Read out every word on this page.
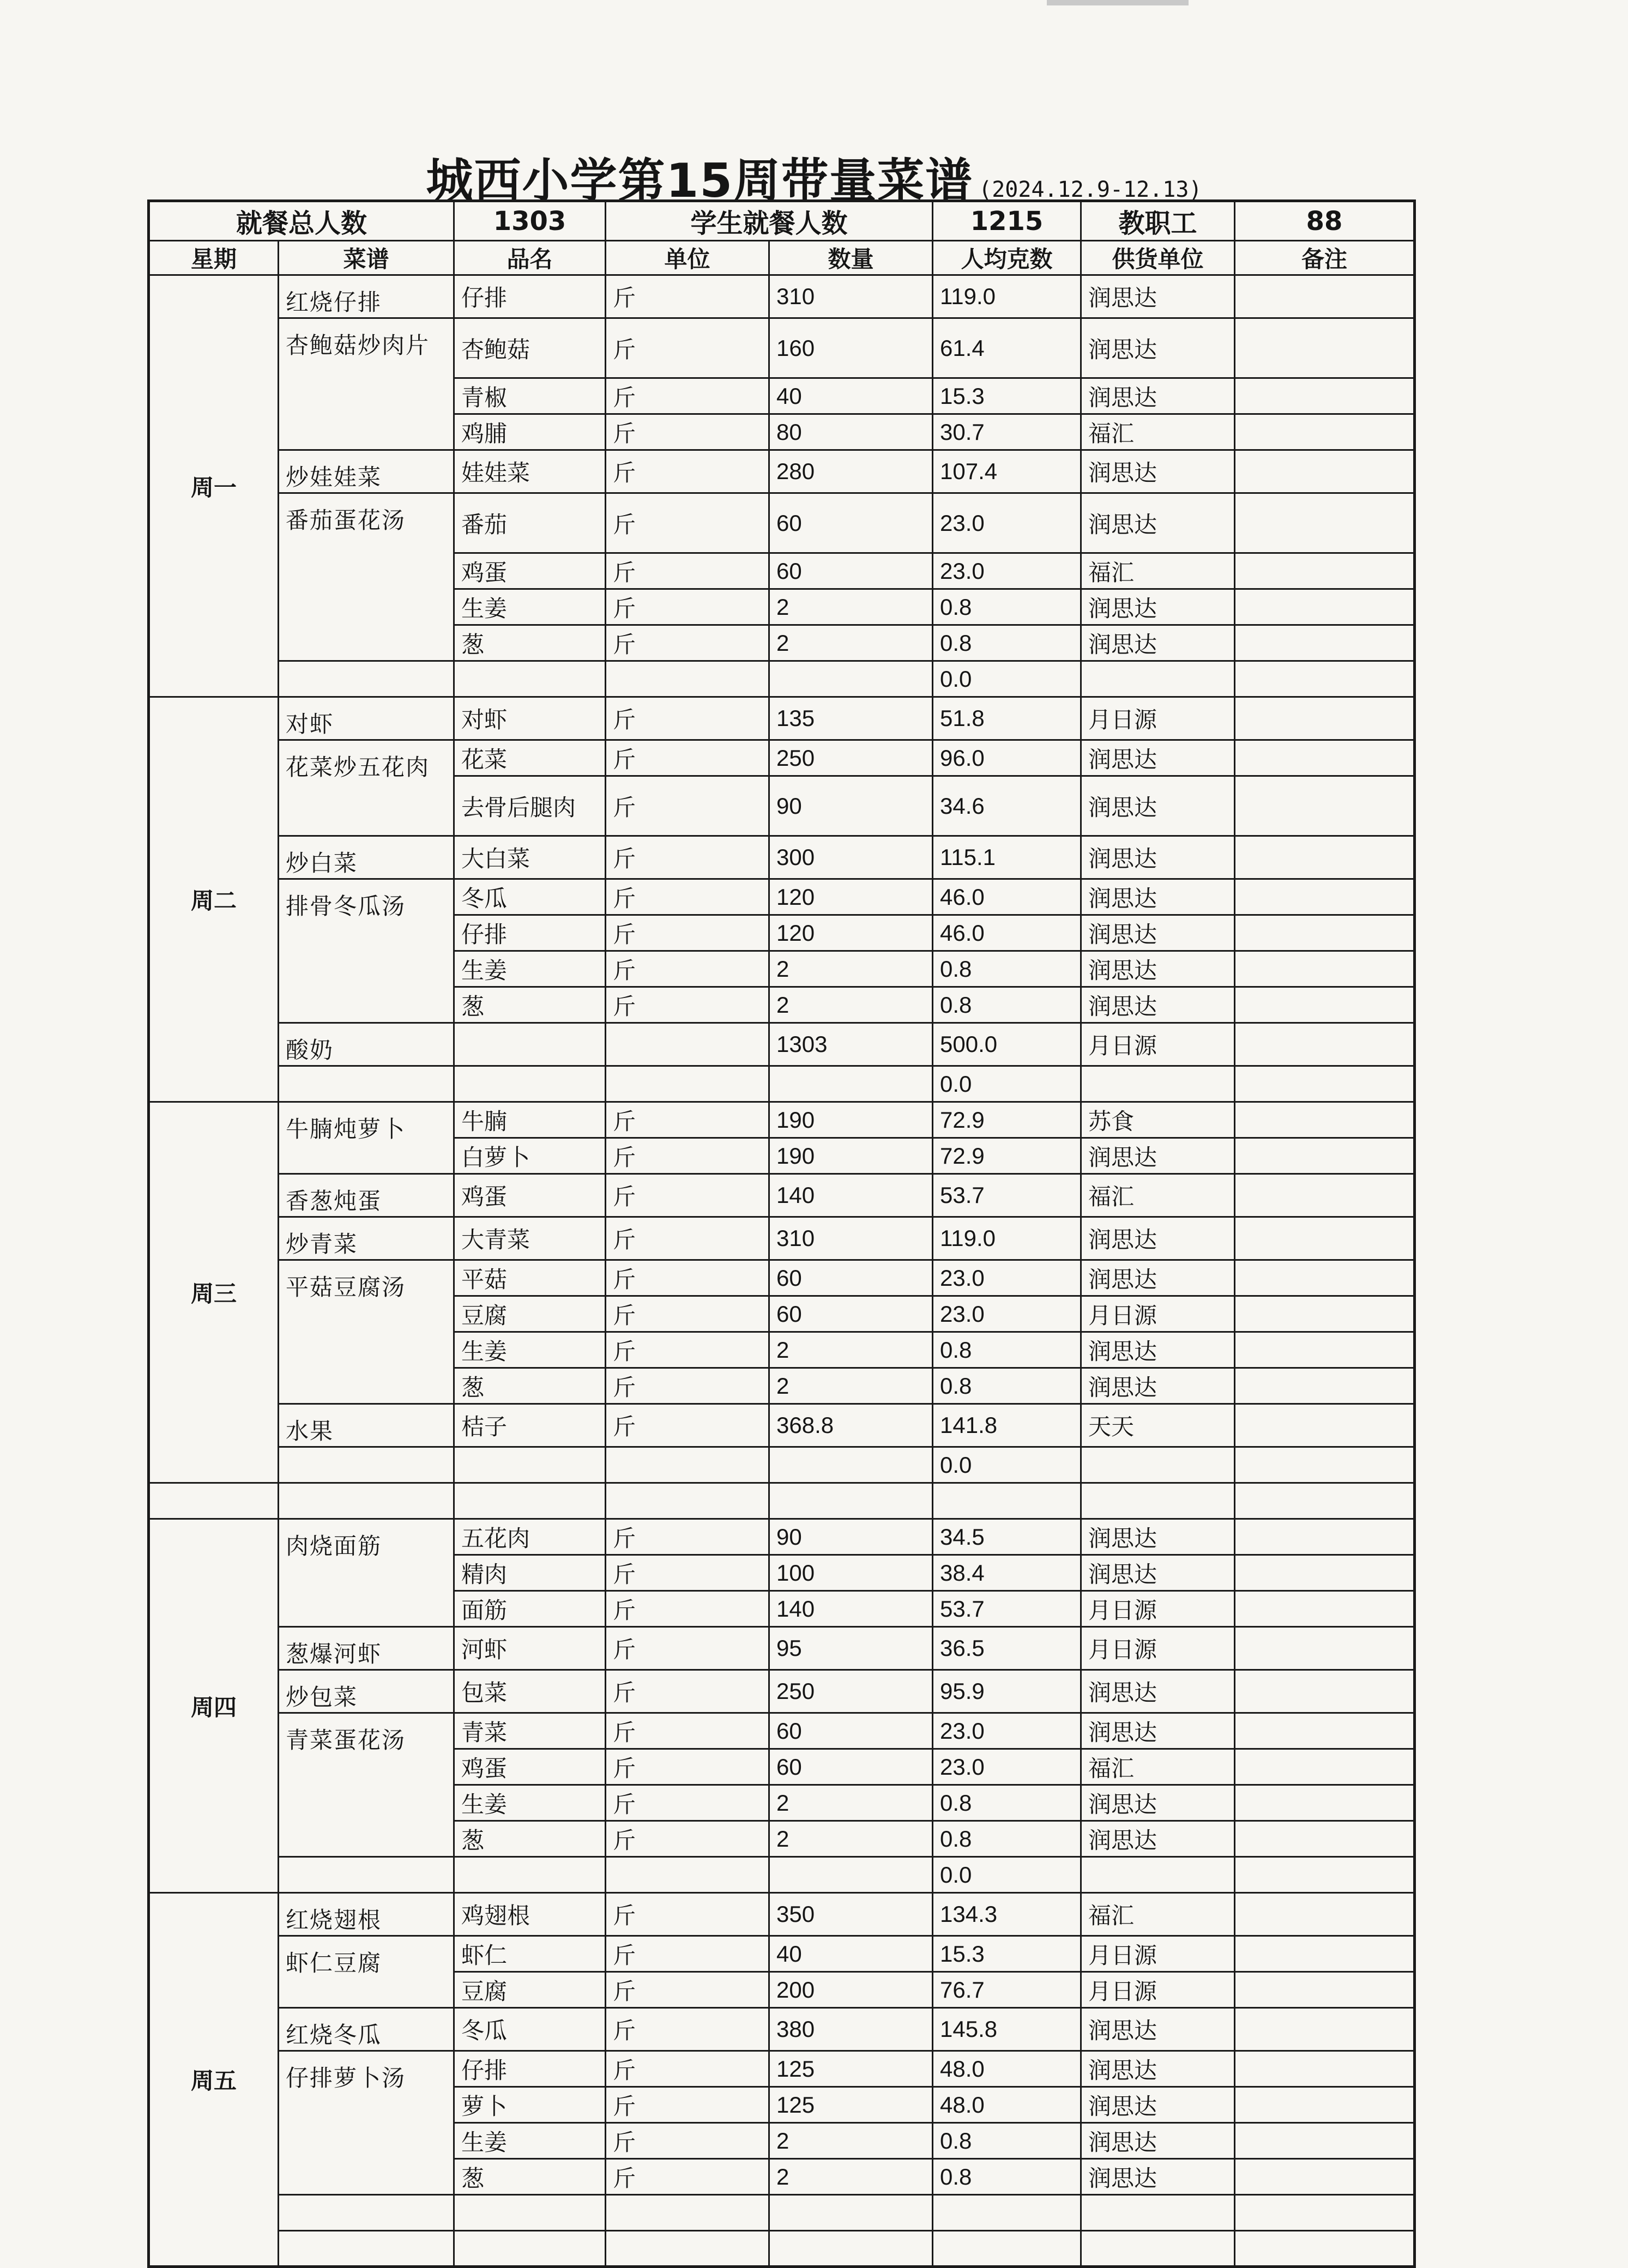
城西小学第15周带量菜谱 (2024.12.9-12.13)
就餐总人数		1303	学生就餐人数		1215	教职工	88
星期	菜谱	品名	单位	数量	人均克数	供货单位	备注
周一	红烧仔排	仔排	斤	310	119.0	润思达	
	杏鲍菇炒肉片	杏鲍菇	斤	160	61.4	润思达	
		青椒	斤	40	15.3	润思达	
		鸡脯	斤	80	30.7	福汇	
	炒娃娃菜	娃娃菜	斤	280	107.4	润思达	
	番茄蛋花汤	番茄	斤	60	23.0	润思达	
		鸡蛋	斤	60	23.0	福汇	
		生姜	斤	2	0.8	润思达	
		葱	斤	2	0.8	润思达	
					0.0		
周二	对虾	对虾	斤	135	51.8	月日源	
	花菜炒五花肉	花菜	斤	250	96.0	润思达	
		去骨后腿肉	斤	90	34.6	润思达	
	炒白菜	大白菜	斤	300	115.1	润思达	
	排骨冬瓜汤	冬瓜	斤	120	46.0	润思达	
		仔排	斤	120	46.0	润思达	
		生姜	斤	2	0.8	润思达	
		葱	斤	2	0.8	润思达	
	酸奶			1303	500.0	月日源	
					0.0		
周三	牛腩炖萝卜	牛腩	斤	190	72.9	苏食	
		白萝卜	斤	190	72.9	润思达	
	香葱炖蛋	鸡蛋	斤	140	53.7	福汇	
	炒青菜	大青菜	斤	310	119.0	润思达	
	平菇豆腐汤	平菇	斤	60	23.0	润思达	
		豆腐	斤	60	23.0	月日源	
		生姜	斤	2	0.8	润思达	
		葱	斤	2	0.8	润思达	
	水果	桔子	斤	368.8	141.8	天天	
					0.0		

周四	肉烧面筋	五花肉	斤	90	34.5	润思达	
		精肉	斤	100	38.4	润思达	
		面筋	斤	140	53.7	月日源	
	葱爆河虾	河虾	斤	95	36.5	月日源	
	炒包菜	包菜	斤	250	95.9	润思达	
	青菜蛋花汤	青菜	斤	60	23.0	润思达	
		鸡蛋	斤	60	23.0	福汇	
		生姜	斤	2	0.8	润思达	
		葱	斤	2	0.8	润思达	
					0.0		
周五	红烧翅根	鸡翅根	斤	350	134.3	福汇	
	虾仁豆腐	虾仁	斤	40	15.3	月日源	
		豆腐	斤	200	76.7	月日源	
	红烧冬瓜	冬瓜	斤	380	145.8	润思达	
	仔排萝卜汤	仔排	斤	125	48.0	润思达	
		萝卜	斤	125	48.0	润思达	
		生姜	斤	2	0.8	润思达	
		葱	斤	2	0.8	润思达	
